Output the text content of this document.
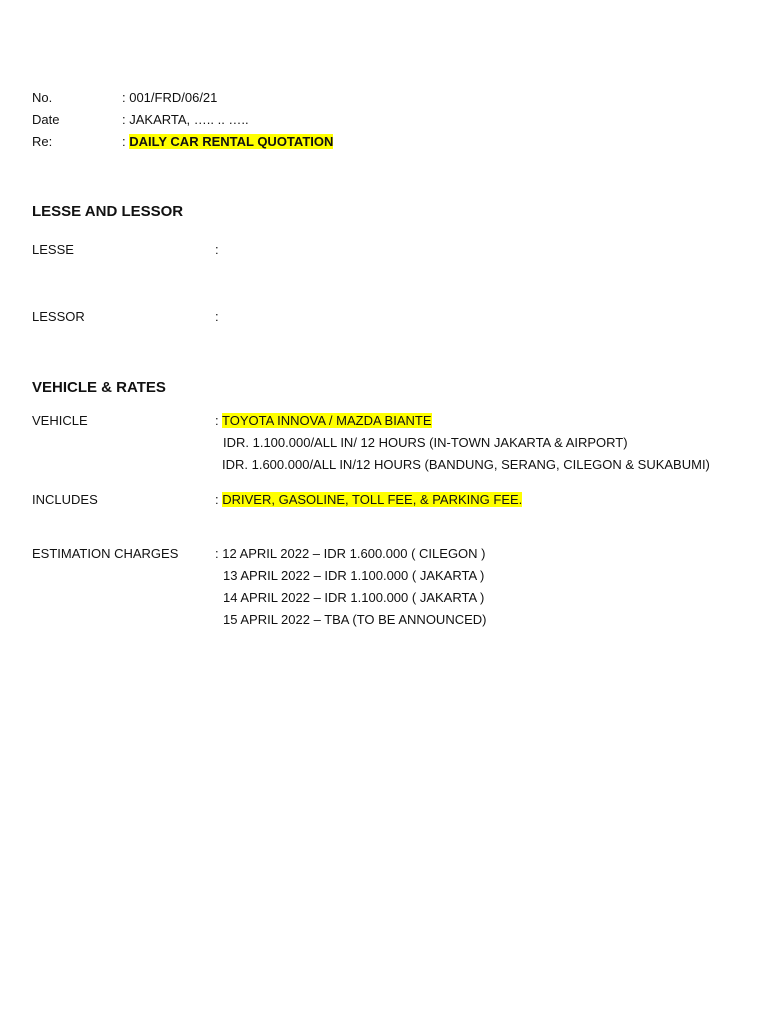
No.	: 001/FRD/06/21
Date	: JAKARTA, ….. .. …..
Re:	: DAILY CAR RENTAL QUOTATION
LESSE AND LESSOR
LESSE	:
LESSOR	:
VEHICLE & RATES
VEHICLE	: TOYOTA INNOVA / MAZDA BIANTE
IDR. 1.100.000/ALL IN/ 12 HOURS (IN-TOWN JAKARTA & AIRPORT)
IDR. 1.600.000/ALL IN/12 HOURS (BANDUNG, SERANG, CILEGON & SUKABUMI)
INCLUDES	: DRIVER, GASOLINE, TOLL FEE, & PARKING FEE.
ESTIMATION CHARGES	: 12 APRIL 2022 – IDR 1.600.000 ( CILEGON )
13 APRIL 2022 – IDR 1.100.000 ( JAKARTA )
14 APRIL 2022 – IDR 1.100.000 ( JAKARTA )
15 APRIL 2022 – TBA (TO BE ANNOUNCED)
